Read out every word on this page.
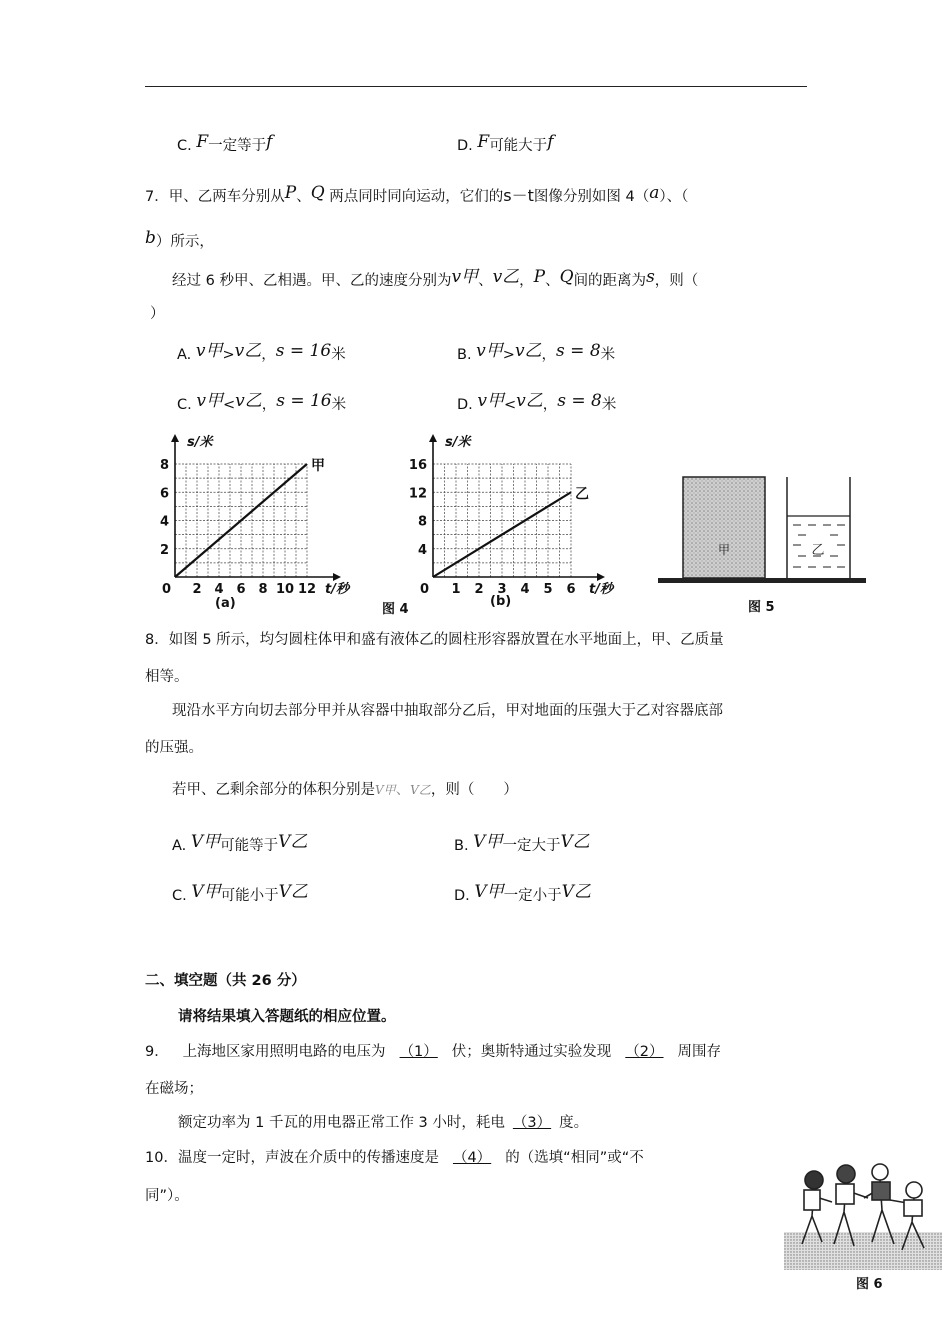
C. F一定等于f	D. F可能大于f
7．甲、乙两车分别从P、Q 两点同时同向运动，它们的s－t图像分别如图 4（a）、（
b）所示，
经过 6 秒甲、乙相遇。甲、乙的速度分别为v甲、v乙，P、Q间的距离为s，则（
）
A. v甲>v乙，s = 16米	B. v甲>v乙，s = 8米
C. v甲<v乙，s = 16米	D. v甲<v乙，s = 8米
2 4 6 8 10 12
2
4
6
8
0
s/米
t/秒
甲
1 2 3 4 5 6
4
8
12
16
0
s/米
t/秒
乙
(a)	图 4
(b)
甲	乙
图 5
8．如图 5 所示，均匀圆柱体甲和盛有液体乙的圆柱形容器放置在水平地面上，甲、乙质量
相等。
现沿水平方向切去部分甲并从容器中抽取部分乙后，甲对地面的压强大于乙对容器底部
的压强。
若甲、乙剩余部分的体积分别是V甲、V乙，则（　　）
A. V甲可能等于V乙	B. V甲一定大于V乙
C. V甲可能小于V乙	D. V甲一定小于V乙
二、填空题（共 26 分）
请将结果填入答题纸的相应位置。
9． 上海地区家用照明电路的电压为 （1） 伏；奥斯特通过实验发现 （2） 周围存
在磁场；
额定功率为 1 千瓦的用电器正常工作 3 小时，耗电 （3） 度。
10．温度一定时，声波在介质中的传播速度是 （4） 的（选填“相同”或“不
同”）。
图 6
